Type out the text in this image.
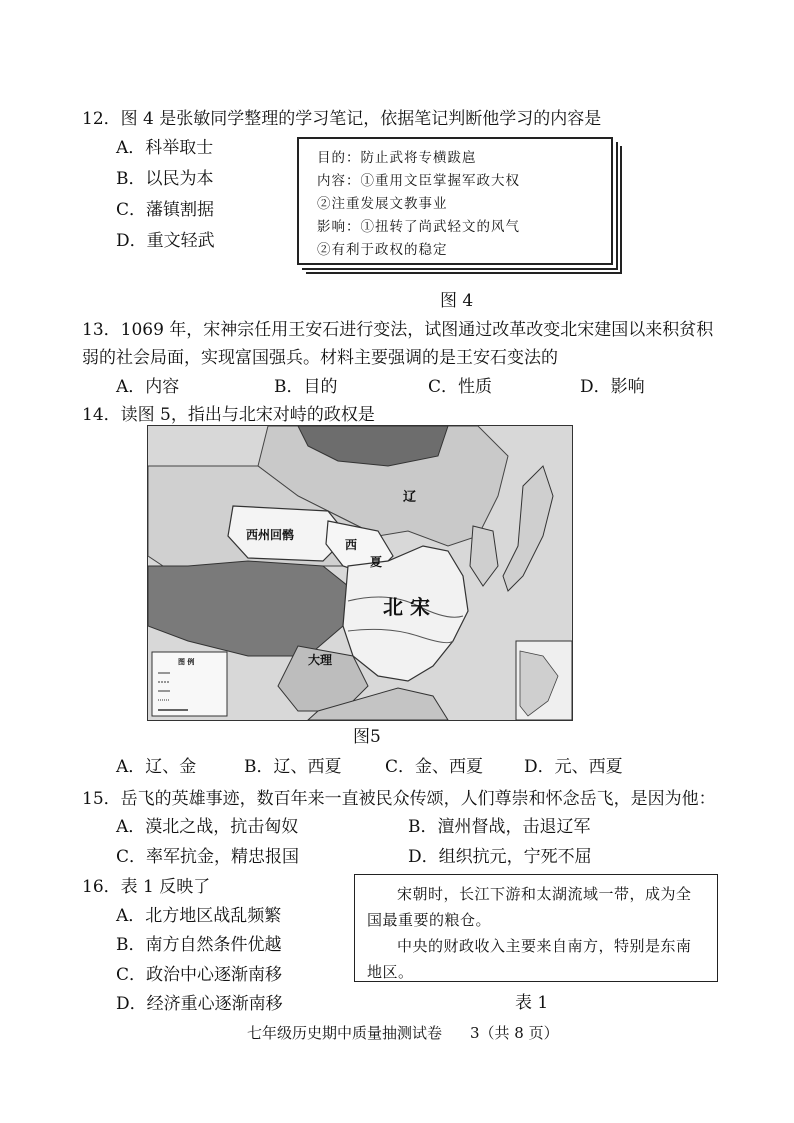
12．图 4 是张敏同学整理的学习笔记，依据笔记判断他学习的内容是
A．科举取士
B．以民为本
C．藩镇割据
D．重文轻武
目的：防止武将专横跋扈
内容：①重用文臣掌握军政大权
②注重发展文教事业
影响：①扭转了尚武轻文的风气
②有利于政权的稳定
图 4
13．1069 年，宋神宗任用王安石进行变法，试图通过改革改变北宋建国以来积贫积
弱的社会局面，实现富国强兵。材料主要强调的是王安石变法的
A．内容	B．目的	C．性质	D．影响
14．读图 5，指出与北宋对峙的政权是
图 例
辽
西州回鹘
西
夏
北 宋
大理
图5
A．辽、金	B．辽、西夏	C．金、西夏 D．元、西夏
15．岳飞的英雄事迹，数百年来一直被民众传颂，人们尊崇和怀念岳飞，是因为他：
A．漠北之战，抗击匈奴	B．澶州督战，击退辽军
C．率军抗金，精忠报国	D．组织抗元，宁死不屈
16．表 1 反映了
A．北方地区战乱频繁
B．南方自然条件优越
C．政治中心逐渐南移
D．经济重心逐渐南移

宋朝时，长江下游和太湖流域一带，成为全国最重要的粮仓。

中央的财政收入主要来自南方，特别是东南地区。

表 1
七年级历史期中质量抽测试卷 3（共 8 页）
